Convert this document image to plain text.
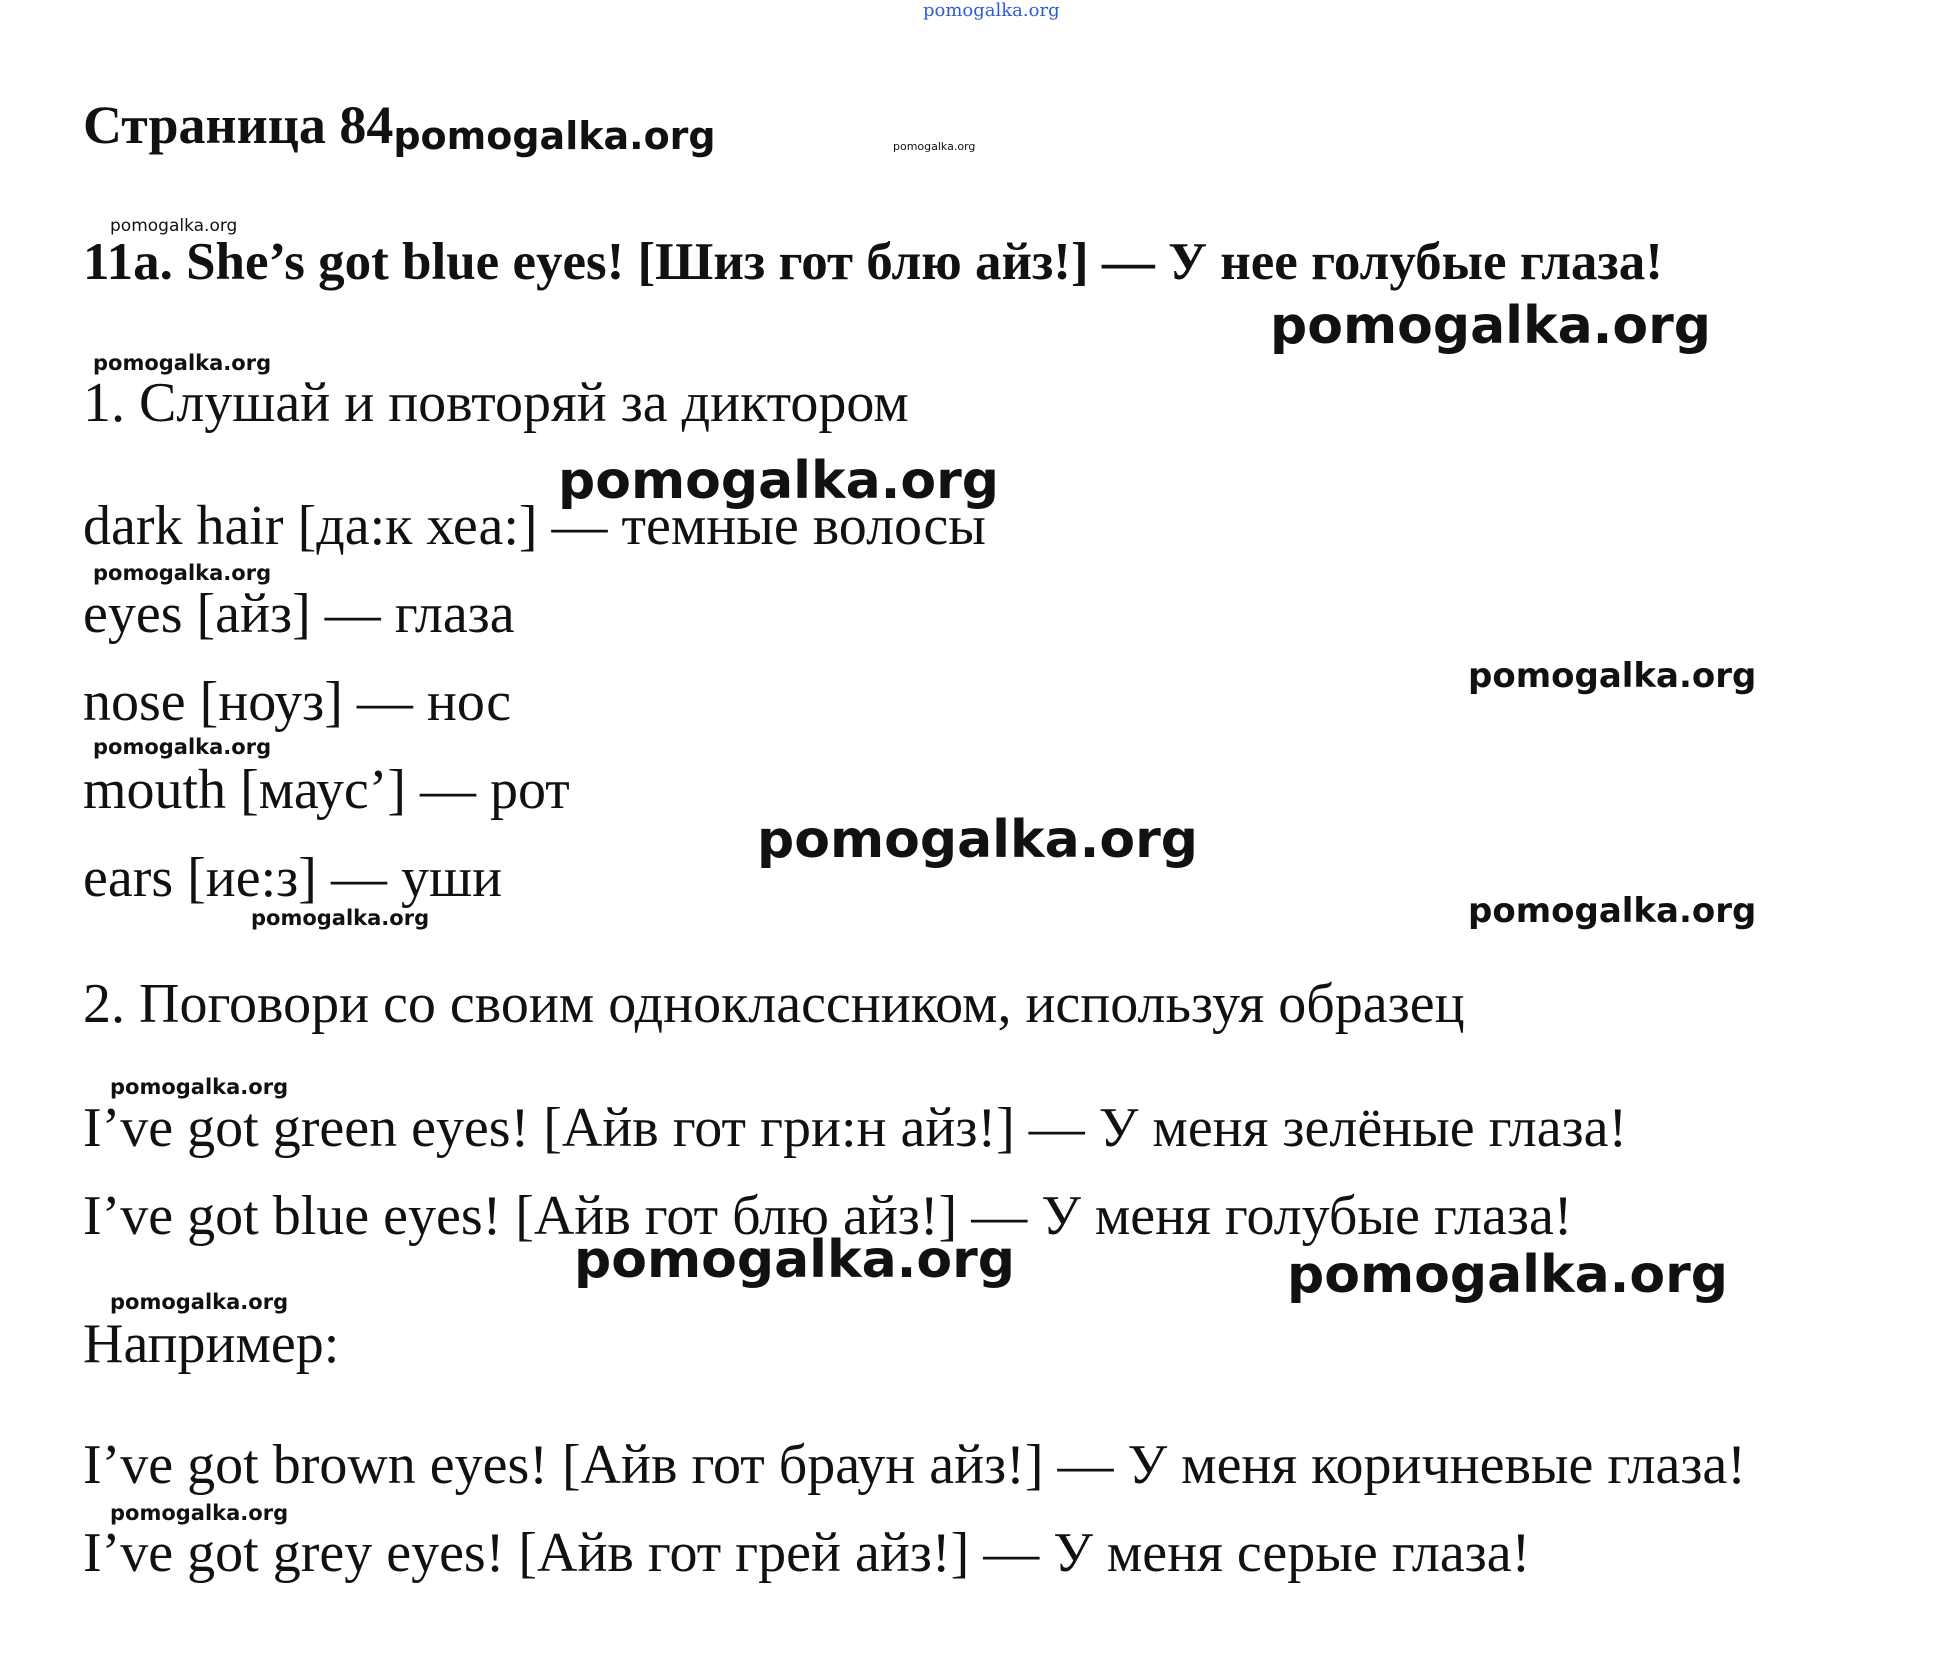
pomogalka.org
Страница 84pomogalka.org	pomogalka.org
pomogalka.org
11a. She’s got blue eyes! [Шиз гот блю айз!] — У нее голубые глаза!
pomogalka.org
pomogalka.org
1. Слушай и повторяй за диктором
pomogalka.org
dark hair [да:к хеа:] — темные волосы
pomogalka.org
eyes [айз] — глаза
pomogalka.org
nose [ноуз] — нос
pomogalka.org
mouth [маус’] — рот
pomogalka.org
ears [ие:з] — уши
pomogalka.org	pomogalka.org
2. Поговори со своим одноклассником, используя образец
pomogalka.org
I’ve got green eyes! [Айв гот гри:н айз!] — У меня зелёные глаза!
I’ve got blue eyes! [Айв гот блю айз!] — У меня голубые глаза!
pomogalka.org	pomogalka.org
pomogalka.org
Например:
I’ve got brown eyes! [Айв гот браун айз!] — У меня коричневые глаза!
pomogalka.org
I’ve got grey eyes! [Айв гот грей айз!] — У меня серые глаза!
